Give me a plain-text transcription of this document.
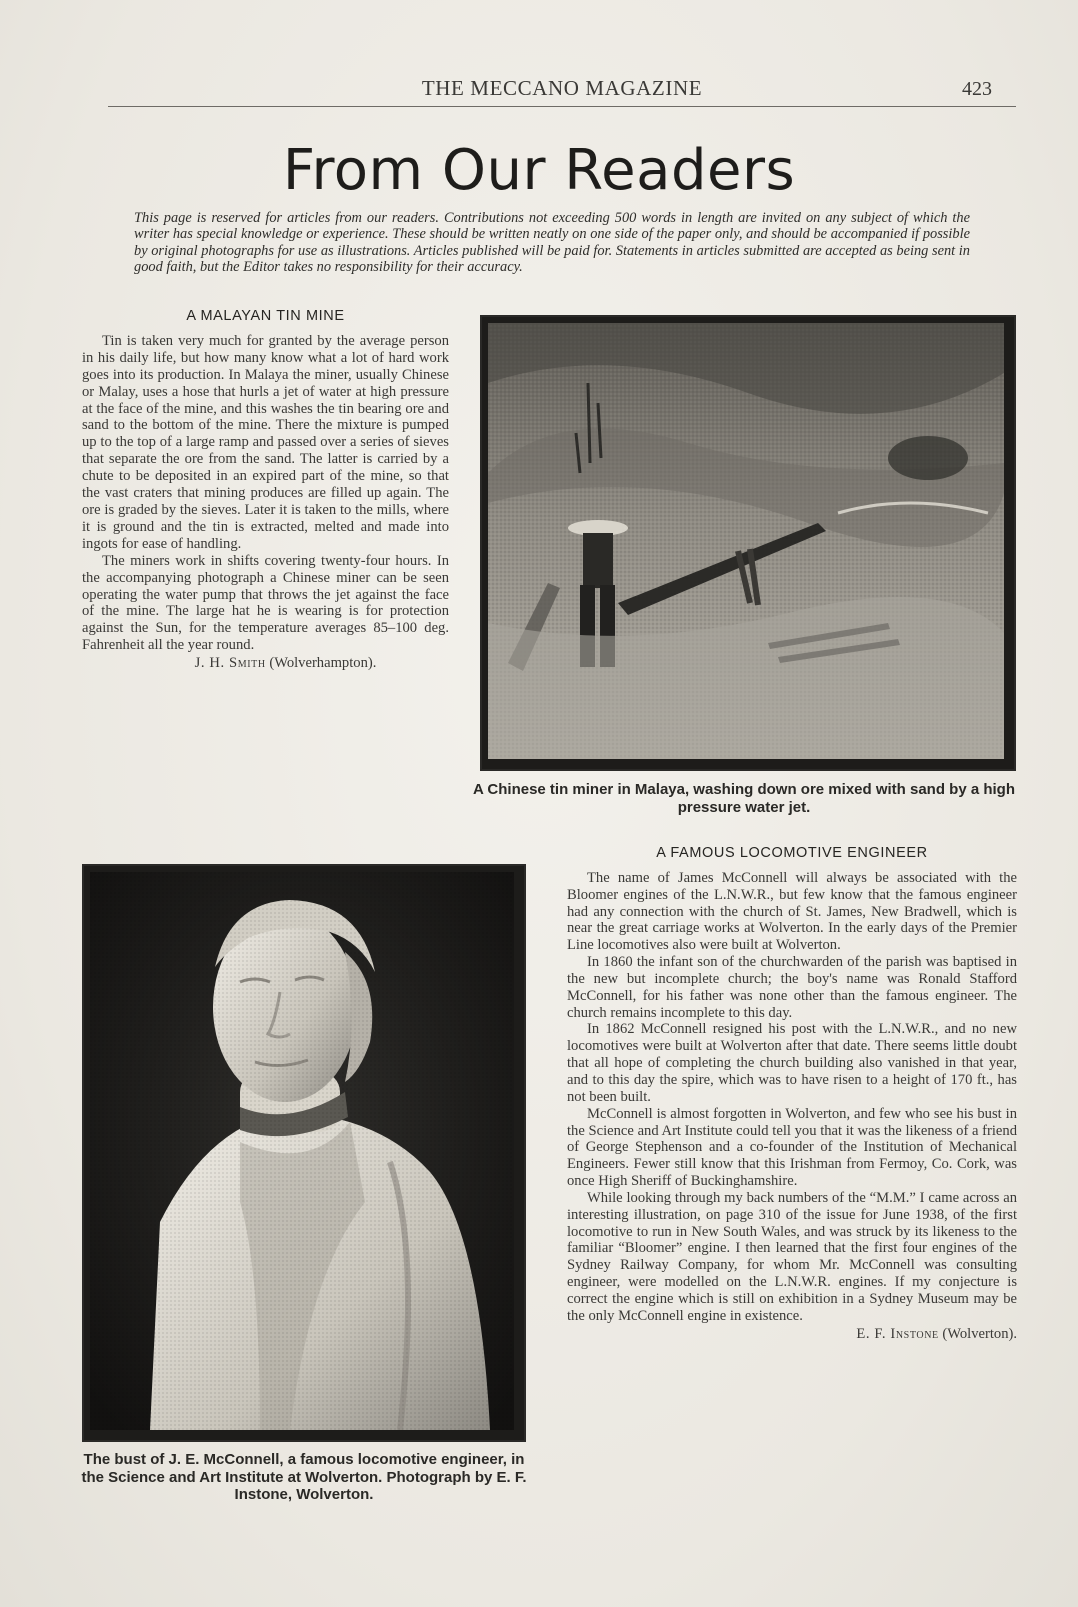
THE MECCANO MAGAZINE	423
From Our Readers
This page is reserved for articles from our readers. Contributions not exceeding 500 words in length are invited on any subject of which the writer has special knowledge or experience. These should be written neatly on one side of the paper only, and should be accompanied if possible by original photographs for use as illustrations. Articles published will be paid for. Statements in articles submitted are accepted as being sent in good faith, but the Editor takes no responsibility for their accuracy.
A MALAYAN TIN MINE

Tin is taken very much for granted by the average person in his daily life, but how many know what a lot of hard work goes into its production. In Malaya the miner, usually Chinese or Malay, uses a hose that hurls a jet of water at high pressure at the face of the mine, and this washes the tin bearing ore and sand to the bottom of the mine. There the mixture is pumped up to the top of a large ramp and passed over a series of sieves that separate the ore from the sand. The latter is carried by a chute to be deposited in an expired part of the mine, so that the vast craters that mining produces are filled up again. The ore is graded by the sieves. Later it is taken to the mills, where it is ground and the tin is extracted, melted and made into ingots for ease of handling.

The miners work in shifts covering twenty-four hours. In the accompanying photograph a Chinese miner can be seen operating the water pump that throws the jet against the face of the mine. The large hat he is wearing is for protection against the Sun, for the temperature averages 85–100 deg. Fahrenheit all the year round.

J. H. Smith (Wolverhampton).
A Chinese tin miner in Malaya, washing down ore mixed with sand by a high pressure water jet.
The bust of J. E. McConnell, a famous locomotive engineer, in the Science and Art Institute at Wolverton. Photograph by E. F. Instone, Wolverton.
A FAMOUS LOCOMOTIVE ENGINEER

The name of James McConnell will always be associated with the Bloomer engines of the L.N.W.R., but few know that the famous engineer had any connection with the church of St. James, New Bradwell, which is near the great carriage works at Wolverton. In the early days of the Premier Line locomotives also were built at Wolverton.

In 1860 the infant son of the churchwarden of the parish was baptised in the new but incomplete church; the boy's name was Ronald Stafford McConnell, for his father was none other than the famous engineer. The church remains incomplete to this day.

In 1862 McConnell resigned his post with the L.N.W.R., and no new locomotives were built at Wolverton after that date. There seems little doubt that all hope of completing the church building also vanished in that year, and to this day the spire, which was to have risen to a height of 170 ft., has not been built.

McConnell is almost forgotten in Wolverton, and few who see his bust in the Science and Art Institute could tell you that it was the likeness of a friend of George Stephenson and a co-founder of the Institution of Mechanical Engineers. Fewer still know that this Irishman from Fermoy, Co. Cork, was once High Sheriff of Buckinghamshire.

While looking through my back numbers of the “M.M.” I came across an interesting illustration, on page 310 of the issue for June 1938, of the first locomotive to run in New South Wales, and was struck by its likeness to the familiar “Bloomer” engine. I then learned that the first four engines of the Sydney Railway Company, for whom Mr. McConnell was consulting engineer, were modelled on the L.N.W.R. engines. If my conjecture is correct the engine which is still on exhibition in a Sydney Museum may be the only McConnell engine in existence.

E. F. Instone (Wolverton).
